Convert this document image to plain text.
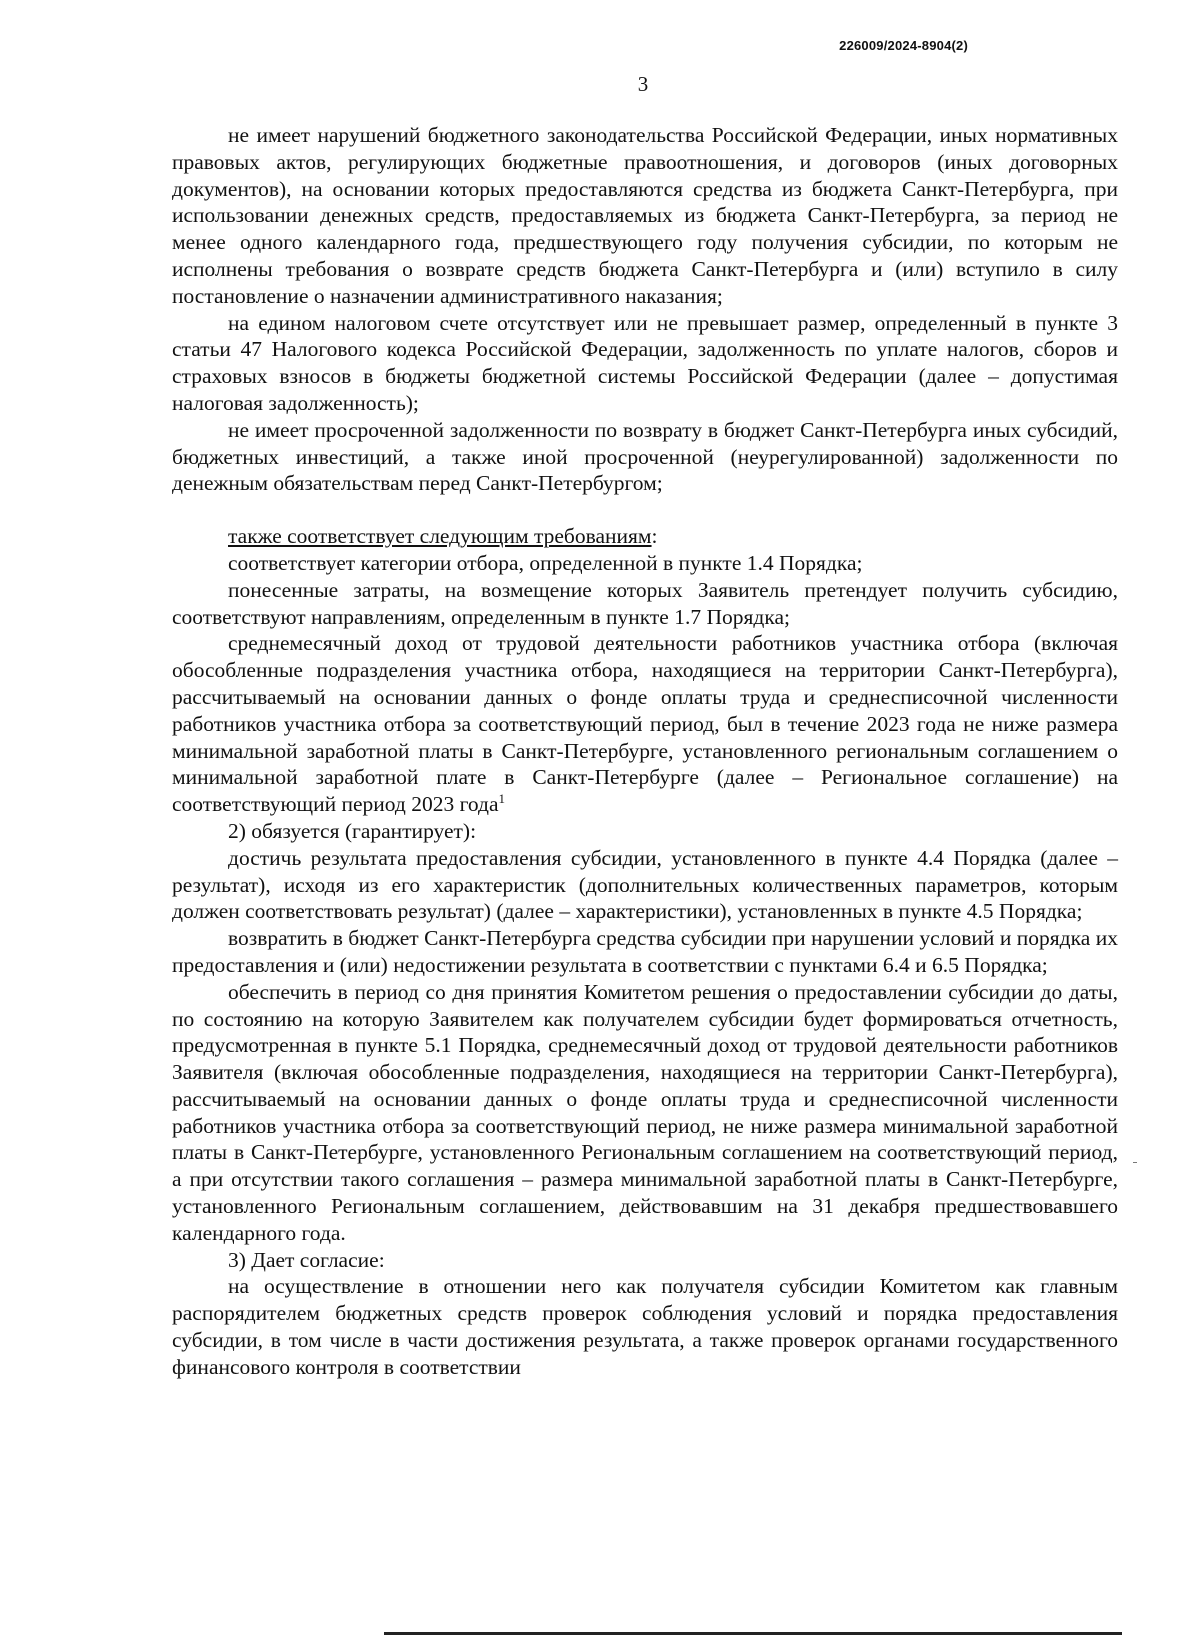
226009/2024-8904(2)
3

не имеет нарушений бюджетного законодательства Российской Федерации, иных нормативных правовых актов, регулирующих бюджетные правоотношения, и договоров (иных договорных документов), на основании которых предоставляются средства из бюджета Санкт-Петербурга, при использовании денежных средств, предоставляемых из бюджета Санкт-Петербурга, за период не менее одного календарного года, предшествующего году получения субсидии, по которым не исполнены требования о возврате средств бюджета Санкт-Петербурга и (или) вступило в силу постановление о назначении административного наказания;

на едином налоговом счете отсутствует или не превышает размер, определенный в пункте 3 статьи 47 Налогового кодекса Российской Федерации, задолженность по уплате налогов, сборов и страховых взносов в бюджеты бюджетной системы Российской Федерации (далее – допустимая налоговая задолженность);

не имеет просроченной задолженности по возврату в бюджет Санкт-Петербурга иных субсидий, бюджетных инвестиций, а также иной просроченной (неурегулированной) задолженности по денежным обязательствам перед Санкт-Петербургом;

также соответствует следующим требованиям:

соответствует категории отбора, определенной в пункте 1.4 Порядка;

понесенные затраты, на возмещение которых Заявитель претендует получить субсидию, соответствуют направлениям, определенным в пункте 1.7 Порядка;

среднемесячный доход от трудовой деятельности работников участника отбора (включая обособленные подразделения участника отбора, находящиеся на территории Санкт-Петербурга), рассчитываемый на основании данных о фонде оплаты труда и среднесписочной численности работников участника отбора за соответствующий период, был в течение 2023 года не ниже размера минимальной заработной платы в Санкт-Петербурге, установленного региональным соглашением о минимальной заработной плате в Санкт-Петербурге (далее – Региональное соглашение) на соответствующий период 2023 года$^1$

2) обязуется (гарантирует):

достичь результата предоставления субсидии, установленного в пункте 4.4 Порядка (далее – результат), исходя из его характеристик (дополнительных количественных параметров, которым должен соответствовать результат) (далее – характеристики), установленных в пункте 4.5 Порядка;

возвратить в бюджет Санкт-Петербурга средства субсидии при нарушении условий и порядка их предоставления и (или) недостижении результата в соответствии с пунктами 6.4 и 6.5 Порядка;

обеспечить в период со дня принятия Комитетом решения о предоставлении субсидии до даты, по состоянию на которую Заявителем как получателем субсидии будет формироваться отчетность, предусмотренная в пункте 5.1 Порядка, среднемесячный доход от трудовой деятельности работников Заявителя (включая обособленные подразделения, находящиеся на территории Санкт-Петербурга), рассчитываемый на основании данных о фонде оплаты труда и среднесписочной численности работников участника отбора за соответствующий период, не ниже размера минимальной заработной платы в Санкт-Петербурге, установленного Региональным соглашением на соответствующий период, а при отсутствии такого соглашения – размера минимальной заработной платы в Санкт-Петербурге, установленного Региональным соглашением, действовавшим на 31 декабря предшествовавшего календарного года.

3) Дает согласие:

на осуществление в отношении него как получателя субсидии Комитетом как главным распорядителем бюджетных средств проверок соблюдения условий и порядка предоставления субсидии, в том числе в части достижения результата, а также проверок органами государственного финансового контроля в соответствии
